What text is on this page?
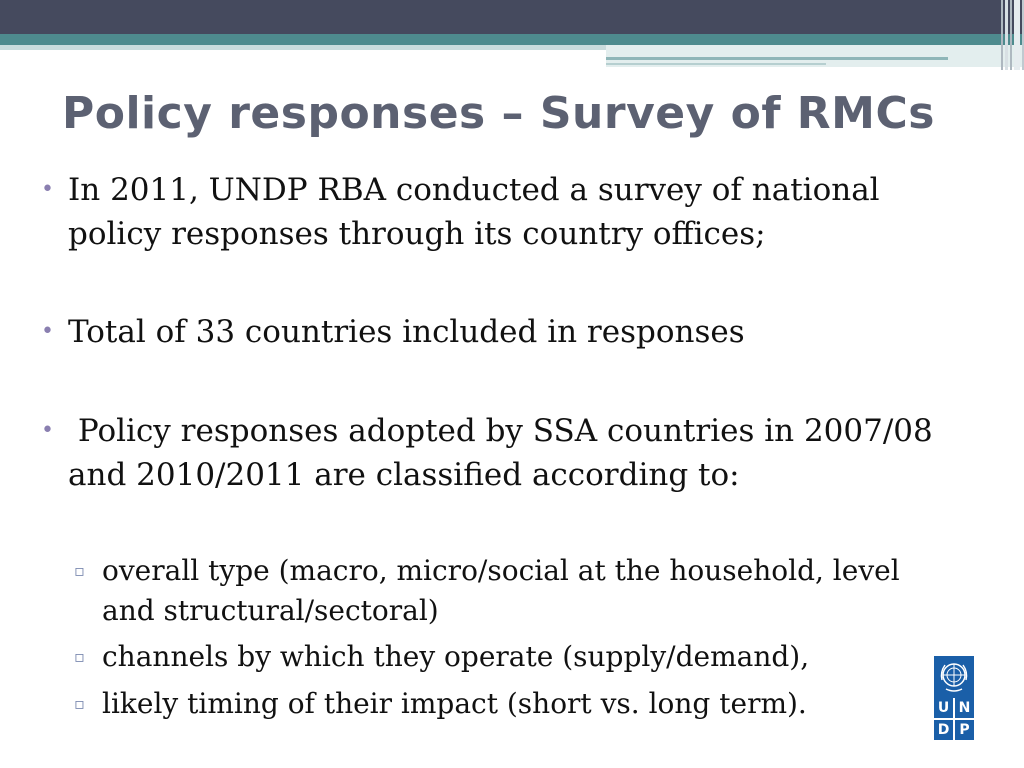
Policy responses – Survey of RMCs
• In 2011, UNDP RBA conducted a survey of national
policy responses through its country offices;
• Total of 33 countries included in responses
• Policy responses adopted by SSA countries in 2007/08
and 2010/2011 are classified according to:
▫ overall type (macro, micro/social at the household, level
and structural/sectoral)
▫ channels by which they operate (supply/demand),
▫ likely timing of their impact (short vs. long term).	U N
D P
